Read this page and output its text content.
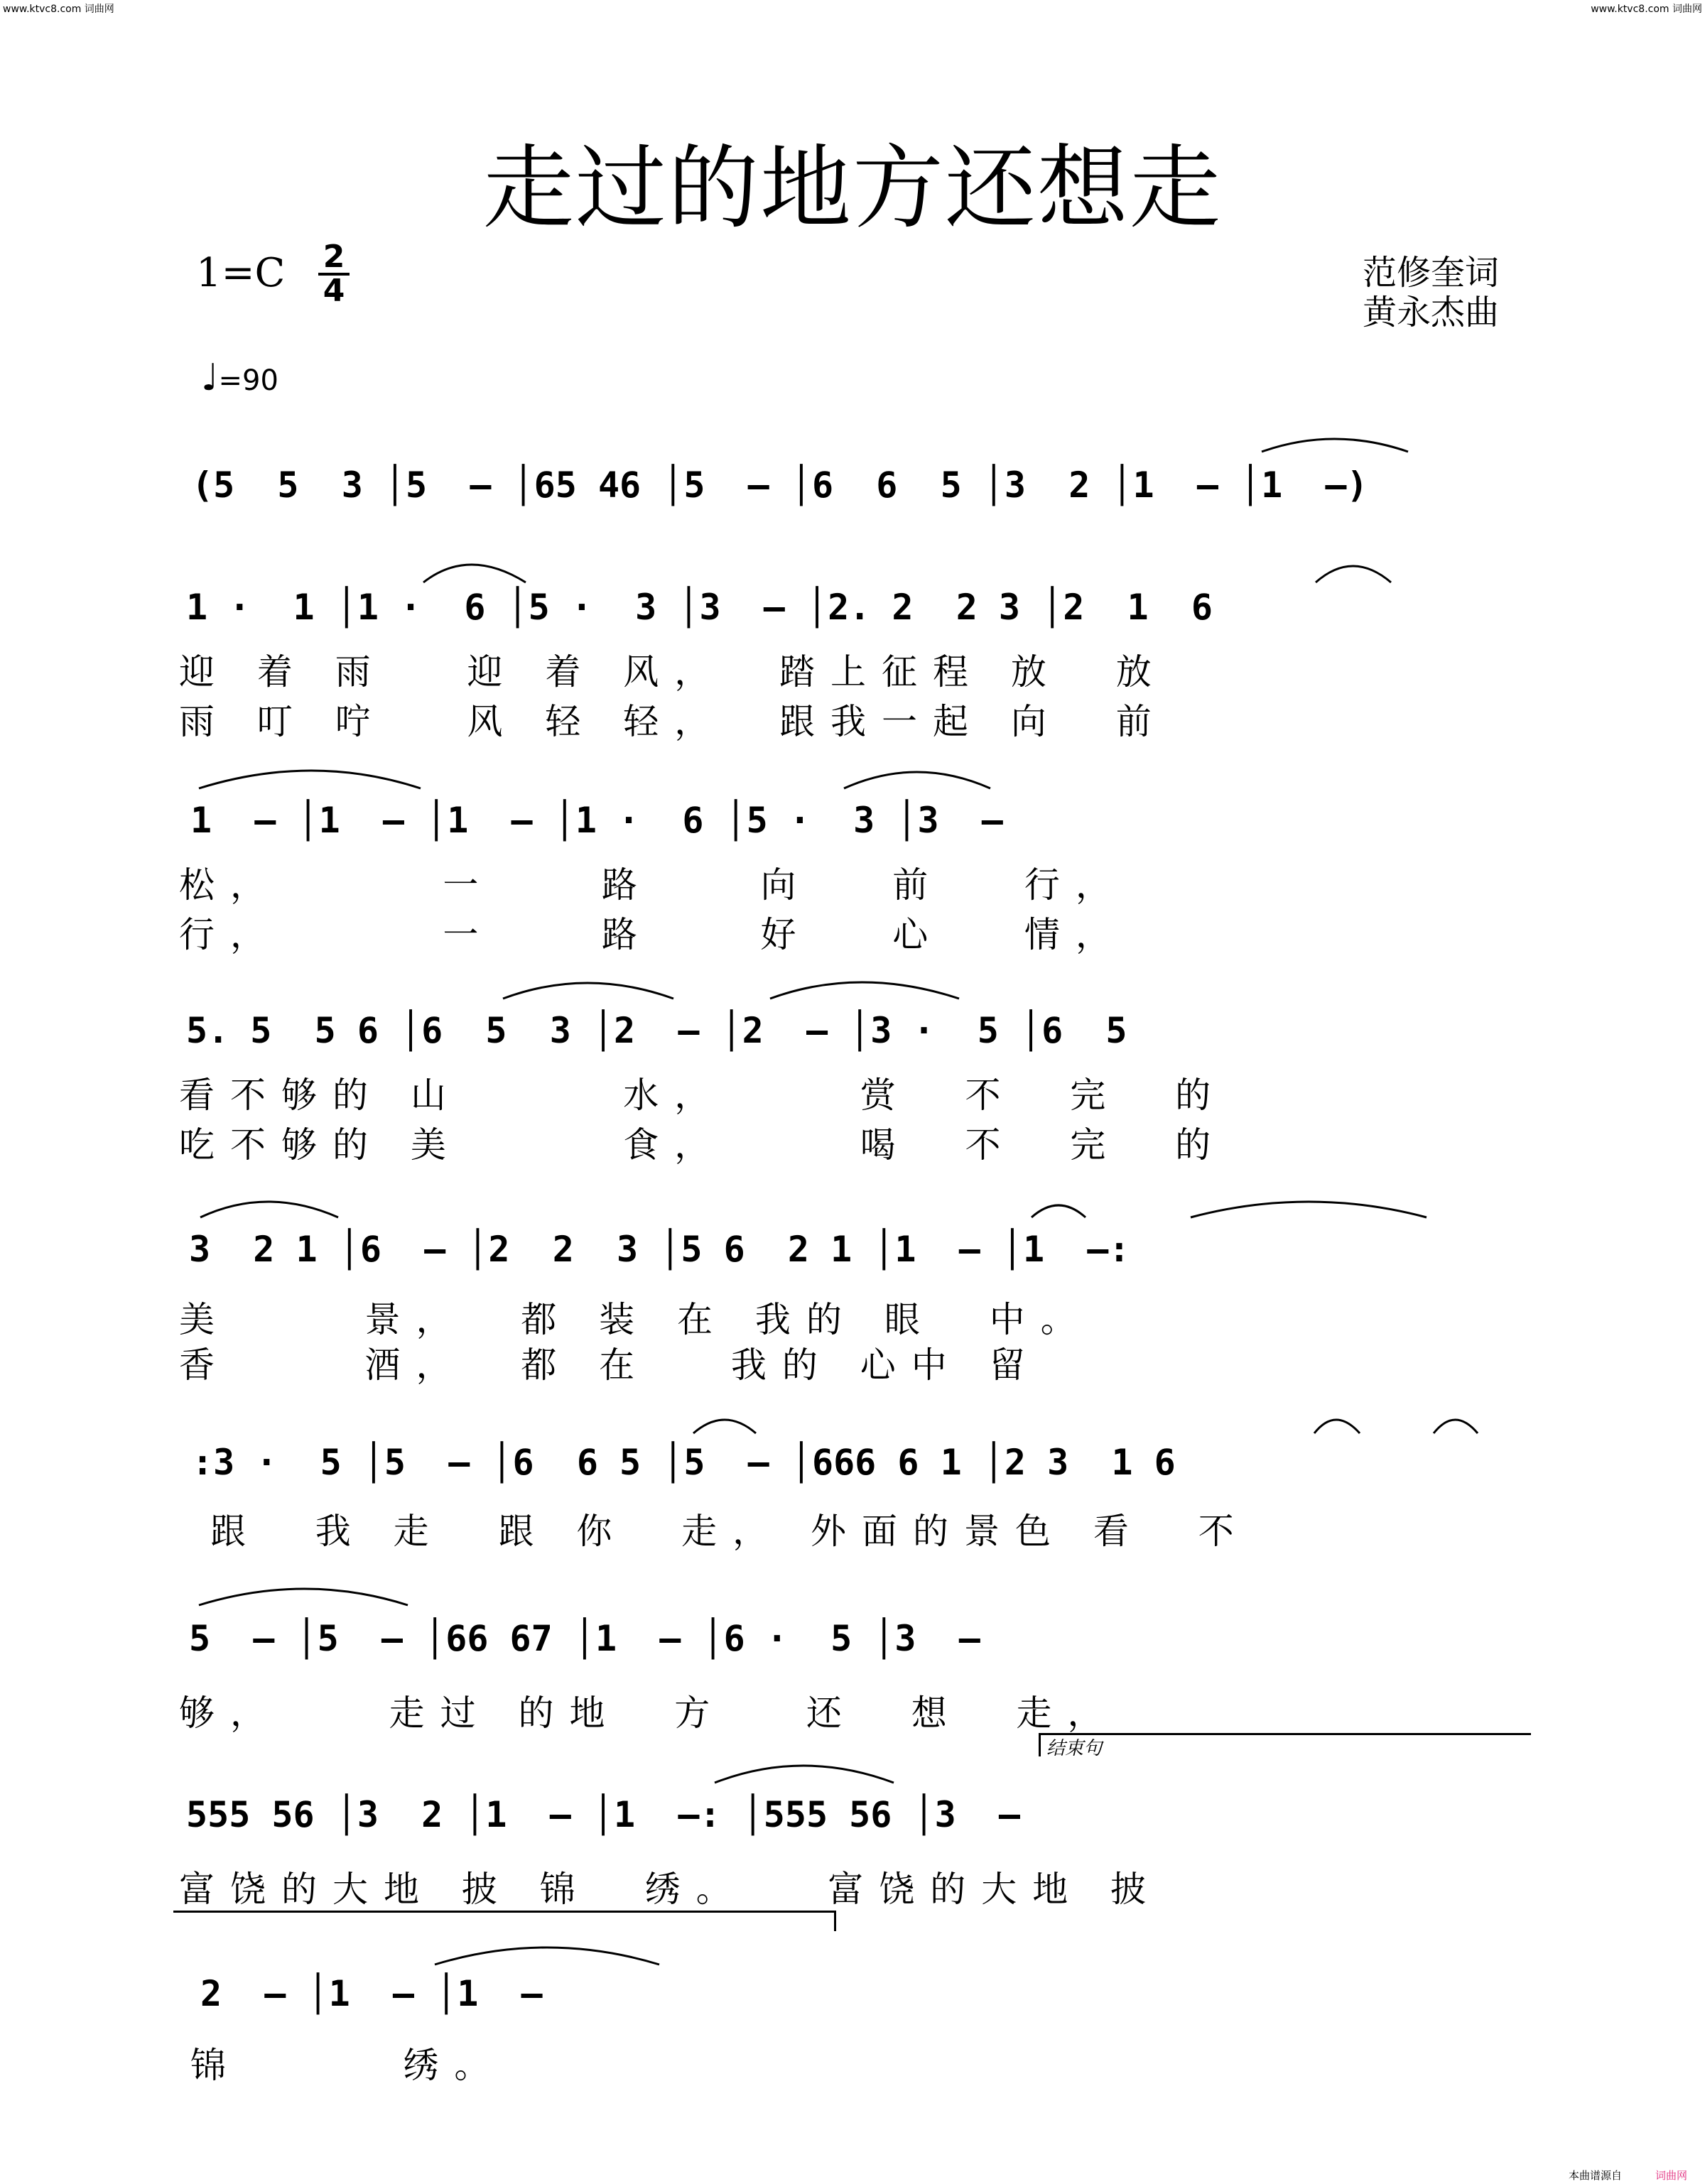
www.ktvc8.com 词曲网	www.ktvc8.com 词曲网
走过的地方还想走
1=C 2
4
♩=90
范修奎词
黄永杰曲
(5  5  3 │5  – │65 46 │5  – │6  6  5 │3  2 │1  – │1  –)
1 ·  1 │1 ·  6 │5 ·  3 │3  – │2. 2  2 3 │2  1  6
迎 着 雨   迎 着 风，  踏上征程 放  放
雨 叮 咛   风 轻 轻，  跟我一起 向  前
1  – │1  – │1  – │1 ·  6 │5 ·  3 │3  –
松，      一    路    向   前   行，
行，      一    路    好   心   情，
5. 5  5 6 │6  5  3 │2  – │2  – │3 ·  5 │6  5
看不够的 山      水，     赏  不  完  的
吃不够的 美      食，     喝  不  完  的
3  2 1 │6  – │2  2  3 │5 6  2 1 │1  – │1  –:
美     景，  都 装 在 我的 眼  中。
香     酒，  都 在   我的 心中 留
:3 ·  5 │5  – │6  6 5 │5  – │666 6 1 │2 3  1 6
跟  我 走  跟 你  走， 外面的景色 看  不
5  – │5  – │66 67 │1  – │6 ·  5 │3  –
够，    走过 的地  方   还  想  走，
结束句
555 56 │3  2 │1  – │1  –: │555 56 │3  –
富饶的大地 披 锦  绣。   富饶的大地 披
2  – │1  – │1  –
锦      绣。
本曲谱源自	词曲网
